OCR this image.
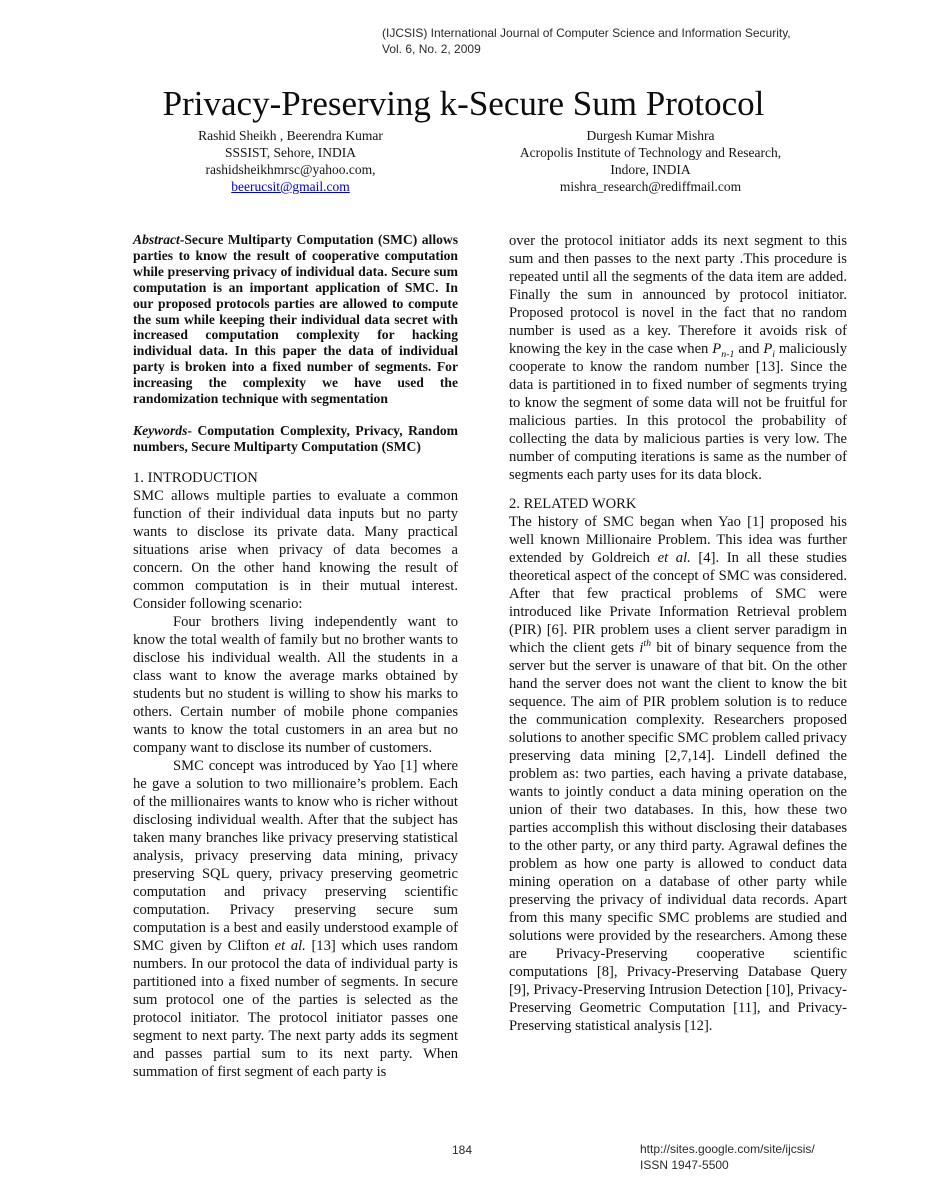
(IJCSIS) International Journal of Computer Science and Information Security,
Vol. 6, No. 2, 2009
Privacy-Preserving k-Secure Sum Protocol
Rashid Sheikh , Beerendra Kumar
SSSIST, Sehore, INDIA
rashidsheikhmrsc@yahoo.com,
beerucsit@gmail.com
Durgesh Kumar Mishra
Acropolis Institute of Technology and Research,
Indore, INDIA
mishra_research@rediffmail.com
Abstract-Secure Multiparty Computation (SMC) allows parties to know the result of cooperative computation while preserving privacy of individual data. Secure sum computation is an important application of SMC. In our proposed protocols parties are allowed to compute the sum while keeping their individual data secret with increased computation complexity for hacking individual data. In this paper the data of individual party is broken into a fixed number of segments. For increasing the complexity we have used the randomization technique with segmentation
Keywords- Computation Complexity, Privacy, Random numbers, Secure Multiparty Computation (SMC)
1. INTRODUCTION
SMC allows multiple parties to evaluate a common function of their individual data inputs but no party wants to disclose its private data. Many practical situations arise when privacy of data becomes a concern. On the other hand knowing the result of common computation is in their mutual interest. Consider following scenario:
Four brothers living independently want to know the total wealth of family but no brother wants to disclose his individual wealth. All the students in a class want to know the average marks obtained by students but no student is willing to show his marks to others. Certain number of mobile phone companies wants to know the total customers in an area but no company want to disclose its number of customers.
SMC concept was introduced by Yao [1] where he gave a solution to two millionaire’s problem. Each of the millionaires wants to know who is richer without disclosing individual wealth. After that the subject has taken many branches like privacy preserving statistical analysis, privacy preserving data mining, privacy preserving SQL query, privacy preserving geometric computation and privacy preserving scientific computation. Privacy preserving secure sum computation is a best and easily understood example of SMC given by Clifton et al. [13] which uses random numbers. In our protocol the data of individual party is partitioned into a fixed number of segments. In secure sum protocol one of the parties is selected as the protocol initiator. The protocol initiator passes one segment to next party. The next party adds its segment and passes partial sum to its next party. When summation of first segment of each party is
over the protocol initiator adds its next segment to this sum and then passes to the next party .This procedure is repeated until all the segments of the data item are added. Finally the sum in announced by protocol initiator. Proposed protocol is novel in the fact that no random number is used as a key. Therefore it avoids risk of knowing the key in the case when $P_{n-1}$ and $P_i$ maliciously cooperate to know the random number [13]. Since the data is partitioned in to fixed number of segments trying to know the segment of some data will not be fruitful for malicious parties. In this protocol the probability of collecting the data by malicious parties is very low. The number of computing iterations is same as the number of segments each party uses for its data block.
2. RELATED WORK
The history of SMC began when Yao [1] proposed his well known Millionaire Problem. This idea was further extended by Goldreich et al. [4]. In all these studies theoretical aspect of the concept of SMC was considered. After that few practical problems of SMC were introduced like Private Information Retrieval problem (PIR) [6]. PIR problem uses a client server paradigm in which the client gets $i^{th}$ bit of binary sequence from the server but the server is unaware of that bit. On the other hand the server does not want the client to know the bit sequence. The aim of PIR problem solution is to reduce the communication complexity. Researchers proposed solutions to another specific SMC problem called privacy preserving data mining [2,7,14]. Lindell defined the problem as: two parties, each having a private database, wants to jointly conduct a data mining operation on the union of their two databases. In this, how these two parties accomplish this without disclosing their databases to the other party, or any third party. Agrawal defines the problem as how one party is allowed to conduct data mining operation on a database of other party while preserving the privacy of individual data records. Apart from this many specific SMC problems are studied and solutions were provided by the researchers. Among these are Privacy-Preserving cooperative scientific computations [8], Privacy-Preserving Database Query [9], Privacy-Preserving Intrusion Detection [10], Privacy-Preserving Geometric Computation [11], and Privacy-Preserving statistical analysis [12].
184	http://sites.google.com/site/ijcsis/
ISSN 1947-5500
